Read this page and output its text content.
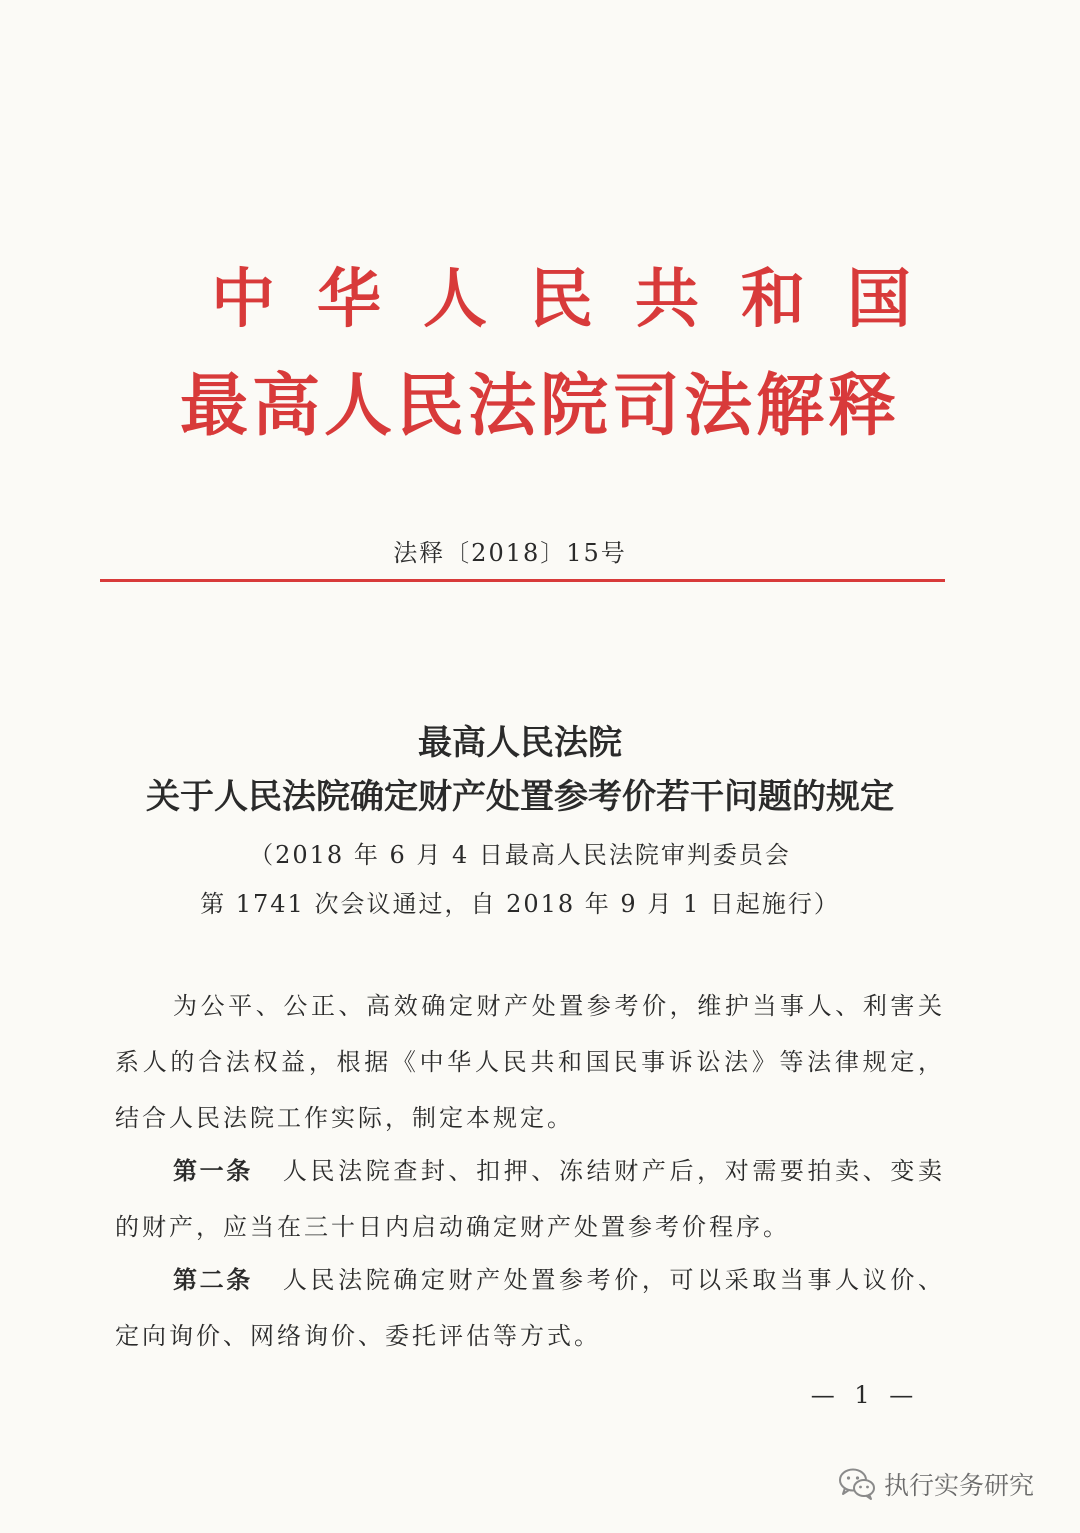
中华人民共和国
最高人民法院司法解释
法释〔2018〕15号
最高人民法院
关于人民法院确定财产处置参考价若干问题的规定
（2018 年 6 月 4 日最高人民法院审判委员会
第 1741 次会议通过，自 2018 年 9 月 1 日起施行）
为公平、公正、高效确定财产处置参考价，维护当事人、利害关系人的合法权益，根据《中华人民共和国民事诉讼法》等法律规定，结合人民法院工作实际，制定本规定。
第一条 人民法院查封、扣押、冻结财产后，对需要拍卖、变卖的财产，应当在三十日内启动确定财产处置参考价程序。
第二条 人民法院确定财产处置参考价，可以采取当事人议价、定向询价、网络询价、委托评估等方式。
— 1 —
执行实务研究
